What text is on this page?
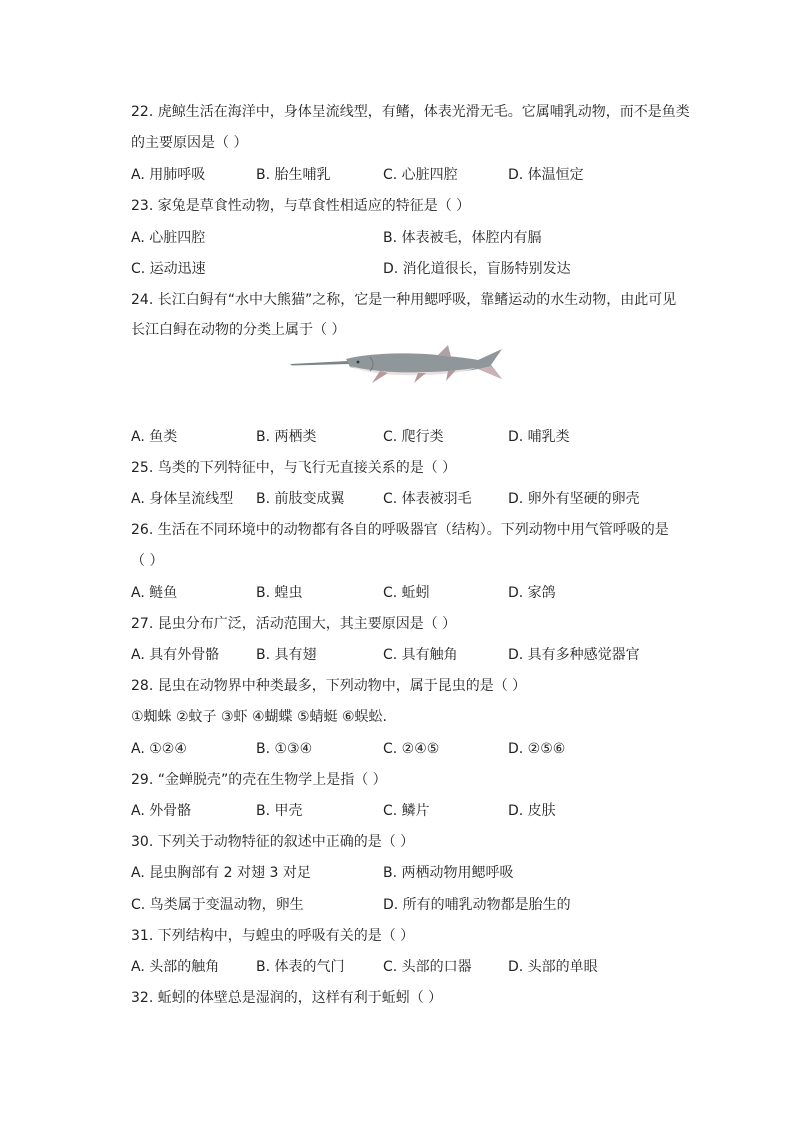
22. 虎鲸生活在海洋中，身体呈流线型，有鳍，体表光滑无毛。它属哺乳动物，而不是鱼类
的主要原因是（ ）
A. 用肺呼吸	B. 胎生哺乳	C. 心脏四腔	D. 体温恒定
23. 家兔是草食性动物，与草食性相适应的特征是（ ）
A. 心脏四腔	B. 体表被毛，体腔内有膈
C. 运动迅速	D. 消化道很长，盲肠特别发达
24. 长江白鲟有“水中大熊猫”之称，它是一种用鳃呼吸，靠鳍运动的水生动物，由此可见
长江白鲟在动物的分类上属于（ ）
A. 鱼类	B. 两栖类	C. 爬行类	D. 哺乳类
25. 鸟类的下列特征中，与飞行无直接关系的是（ ）
A. 身体呈流线型 B. 前肢变成翼	C. 体表被羽毛	D. 卵外有坚硬的卵壳
26. 生活在不同环境中的动物都有各自的呼吸器官（结构）。下列动物中用气管呼吸的是
（ ）
A. 鲢鱼	B. 蝗虫	C. 蚯蚓	D. 家鸽
27. 昆虫分布广泛，活动范围大，其主要原因是（ ）
A. 具有外骨骼	B. 具有翅	C. 具有触角	D. 具有多种感觉器官
28. 昆虫在动物界中种类最多，下列动物中，属于昆虫的是（ ）
①蜘蛛 ②蚊子 ③虾 ④蝴蝶 ⑤蜻蜓 ⑥蜈蚣.
A. ①②④	B. ①③④	C. ②④⑤	D. ②⑤⑥
29. “金蝉脱壳”的壳在生物学上是指（ ）
A. 外骨骼	B. 甲壳	C. 鳞片	D. 皮肤
30. 下列关于动物特征的叙述中正确的是（ ）
A. 昆虫胸部有 2 对翅 3 对足	B. 两栖动物用鳃呼吸
C. 鸟类属于变温动物，卵生	D. 所有的哺乳动物都是胎生的
31. 下列结构中，与蝗虫的呼吸有关的是（ ）
A. 头部的触角	B. 体表的气门	C. 头部的口器	D. 头部的单眼
32. 蚯蚓的体壁总是湿润的，这样有利于蚯蚓（ ）
